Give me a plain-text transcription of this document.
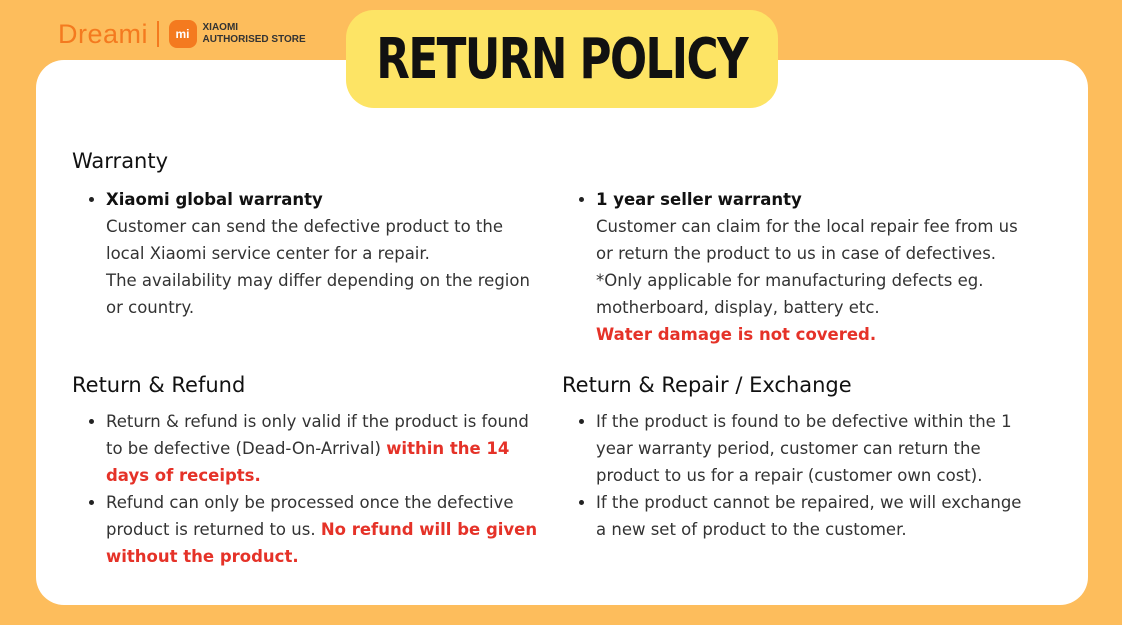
Dreami	mi	XIAOMI
AUTHORISED STORE RETURN POLICY
Warranty
Xiaomi global warranty
Customer can send the defective product to the local Xiaomi service center for a repair.
The availability may differ depending on the region or country.
1 year seller warranty
Customer can claim for the local repair fee from us or return the product to us in case of defectives.
*Only applicable for manufacturing defects eg. motherboard, display, battery etc.
Water damage is not covered.
Return & Refund
Return & refund is only valid if the product is found to be defective (Dead-On-Arrival) within the 14 days of receipts.
Refund can only be processed once the defective product is returned to us. No refund will be given without the product.
Return & Repair / Exchange
If the product is found to be defective within the 1 year warranty period, customer can return the product to us for a repair (customer own cost).
If the product cannot be repaired, we will exchange a new set of product to the customer.
